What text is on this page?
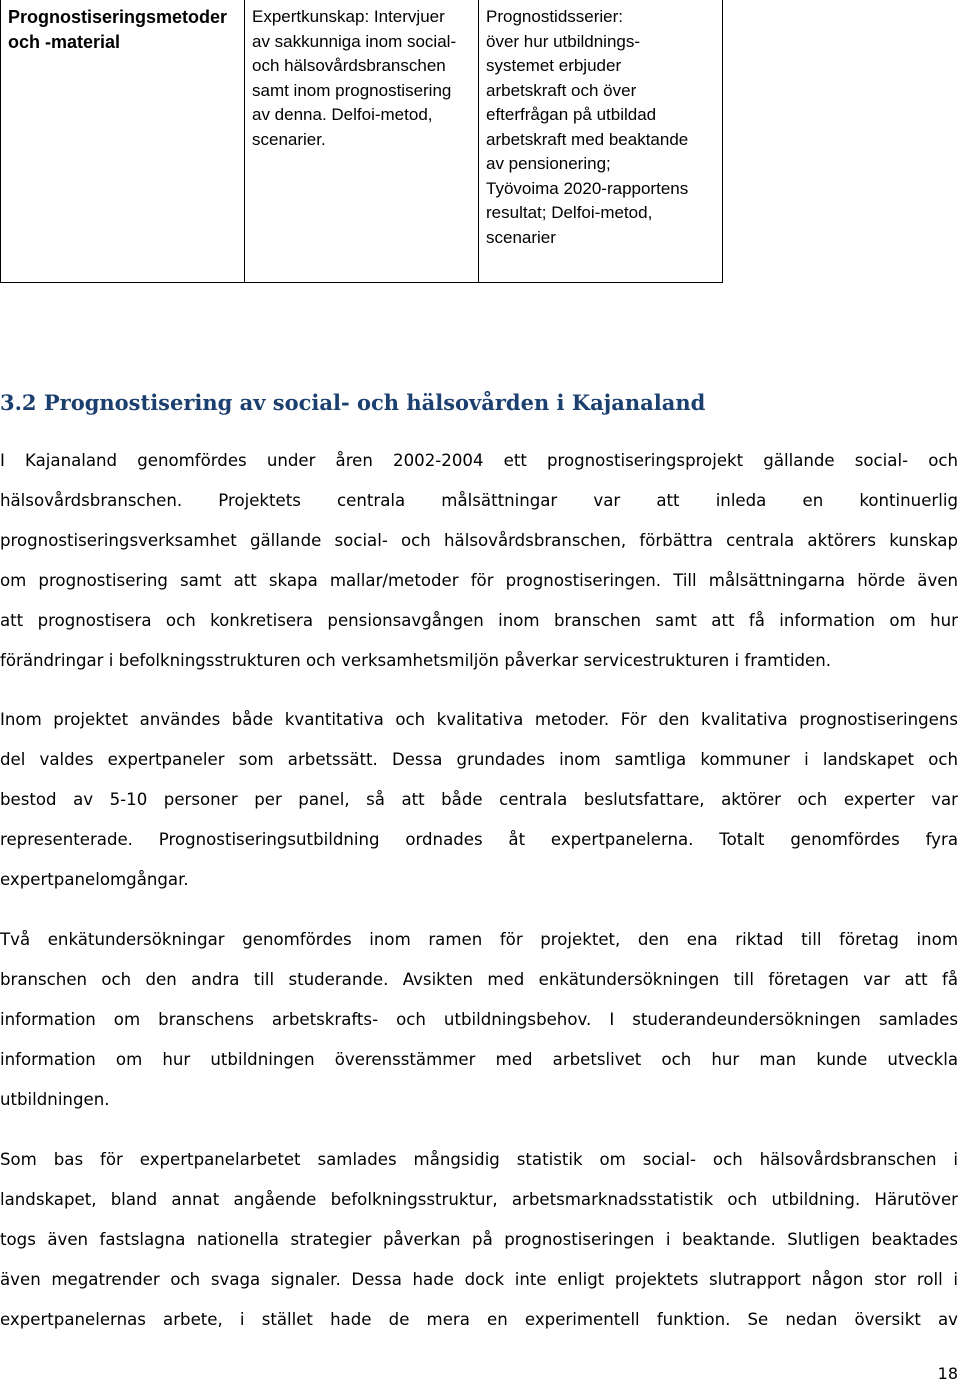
Prognostiseringsmetoder
och -material

Expertkunskap: Intervjuer
av sakkunniga inom social-
och hälsovårdsbranschen
samt inom prognostisering
av denna. Delfoi-metod,
scenarier.

Prognostidsserier:
över hur utbildnings-
systemet erbjuder
arbetskraft och över
efterfrågan på utbildad
arbetskraft med beaktande
av pensionering;
Työvoima 2020-rapportens
resultat; Delfoi-metod,
scenarier
3.2 Prognostisering av social- och hälsovården i Kajanaland
I Kajanaland genomfördes under åren 2002-2004 ett prognostiseringsprojekt gällande social- och
hälsovårdsbranschen. Projektets centrala målsättningar var att inleda en kontinuerlig
prognostiseringsverksamhet gällande social- och hälsovårdsbranschen, förbättra centrala aktörers kunskap
om prognostisering samt att skapa mallar/metoder för prognostiseringen. Till målsättningarna hörde även
att prognostisera och konkretisera pensionsavgången inom branschen samt att få information om hur
förändringar i befolkningsstrukturen och verksamhetsmiljön påverkar servicestrukturen i framtiden.
Inom projektet användes både kvantitativa och kvalitativa metoder. För den kvalitativa prognostiseringens
del valdes expertpaneler som arbetssätt. Dessa grundades inom samtliga kommuner i landskapet och
bestod av 5-10 personer per panel, så att både centrala beslutsfattare, aktörer och experter var
representerade. Prognostiseringsutbildning ordnades åt expertpanelerna. Totalt genomfördes fyra
expertpanelomgångar.
Två enkätundersökningar genomfördes inom ramen för projektet, den ena riktad till företag inom
branschen och den andra till studerande. Avsikten med enkätundersökningen till företagen var att få
information om branschens arbetskrafts- och utbildningsbehov. I studerandeundersökningen samlades
information om hur utbildningen överensstämmer med arbetslivet och hur man kunde utveckla
utbildningen.
Som bas för expertpanelarbetet samlades mångsidig statistik om social- och hälsovårdsbranschen i
landskapet, bland annat angående befolkningsstruktur, arbetsmarknadsstatistik och utbildning. Härutöver
togs även fastslagna nationella strategier påverkan på prognostiseringen i beaktande. Slutligen beaktades
även megatrender och svaga signaler. Dessa hade dock inte enligt projektets slutrapport någon stor roll i
expertpanelernas arbete, i stället hade de mera en experimentell funktion. Se nedan översikt av
18
